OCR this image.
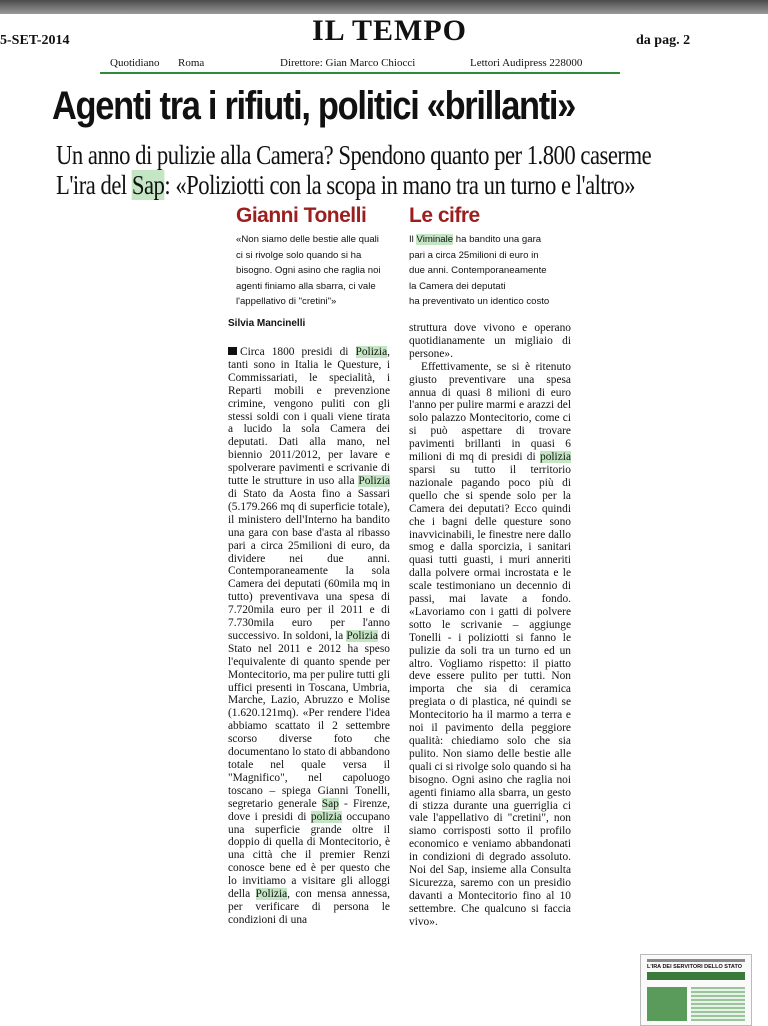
5-SET-2014	IL TEMPO	da pag. 2
Quotidiano Roma	Direttore: Gian Marco Chiocci	Lettori Audipress 228000
Agenti tra i rifiuti, politici «brillanti»
Un anno di pulizie alla Camera? Spendono quanto per 1.800 caserme
L'ira del Sap: «Poliziotti con la scopa in mano tra un turno e l'altro»
Gianni Tonelli
«Non siamo delle bestie alle quali
ci si rivolge solo quando si ha
bisogno. Ogni asino che raglia noi
agenti finiamo alla sbarra, ci vale
l'appellativo di "cretini"»
Le cifre
Il Viminale ha bandito una gara
pari a circa 25milioni di euro in
due anni. Contemporaneamente
la Camera dei deputati
ha preventivato un identico costo
Silvia Mancinelli

Circa 1800 presidi di Polizia, tanti sono in Italia le Questure, i Commissariati, le specialità, i Reparti mobili e prevenzione crimine, vengono puliti con gli stessi soldi con i quali viene tirata a lucido la sola Camera dei deputati. Dati alla mano, nel biennio 2011/2012, per lavare e spolverare pavimenti e scrivanie di tutte le strutture in uso alla Polizia di Stato da Aosta fino a Sassari (5.179.266 mq di superficie totale), il ministero dell'Interno ha bandito una gara con base d'asta al ribasso pari a circa 25milioni di euro, da dividere nei due anni. Contemporaneamente la sola Camera dei deputati (60mila mq in tutto) preventivava una spesa di 7.720mila euro per il 2011 e di 7.730mila euro per l'anno successivo. In soldoni, la Polizia di Stato nel 2011 e 2012 ha speso l'equivalente di quanto spende per Montecitorio, ma per pulire tutti gli uffici presenti in Toscana, Umbria, Marche, Lazio, Abruzzo e Molise (1.620.121mq). «Per rendere l'idea abbiamo scattato il 2 settembre scorso diverse foto che documentano lo stato di abbandono totale nel quale versa il "Magnifico", nel capoluogo toscano – spiega Gianni Tonelli, segretario generale Sap - Firenze, dove i presidi di polizia occupano una superficie grande oltre il doppio di quella di Montecitorio, è una città che il premier Renzi conosce bene ed è per questo che lo invitiamo a visitare gli alloggi della Polizia, con mensa annessa, per verificare di persona le condizioni di una

struttura dove vivono e operano quotidianamente un migliaio di persone».

Effettivamente, se si è ritenuto giusto preventivare una spesa annua di quasi 8 milioni di euro l'anno per pulire marmi e arazzi del solo palazzo Montecitorio, come ci si può aspettare di trovare pavimenti brillanti in quasi 6 milioni di mq di presidi di polizia sparsi su tutto il territorio nazionale pagando poco più di quello che si spende solo per la Camera dei deputati? Ecco quindi che i bagni delle questure sono inavvicinabili, le finestre nere dallo smog e dalla sporcizia, i sanitari quasi tutti guasti, i muri anneriti dalla polvere ormai incrostata e le scale testimoniano un decennio di passi, mai lavate a fondo. «Lavoriamo con i gatti di polvere sotto le scrivanie – aggiunge Tonelli - i poliziotti si fanno le pulizie da soli tra un turno ed un altro. Vogliamo rispetto: il piatto deve essere pulito per tutti. Non importa che sia di ceramica pregiata o di plastica, né quindi se Montecitorio ha il marmo a terra e noi il pavimento della peggiore qualità: chiediamo solo che sia pulito. Non siamo delle bestie alle quali ci si rivolge solo quando si ha bisogno. Ogni asino che raglia noi agenti finiamo alla sbarra, un gesto di stizza durante una guerriglia ci vale l'appellativo di "cretini", non siamo corrisposti sotto il profilo economico e veniamo abbandonati in condizioni di degrado assoluto. Noi del Sap, insieme alla Consulta Sicurezza, saremo con un presidio davanti a Montecitorio fino al 10 settembre. Che qualcuno si faccia vivo».

L'IRA DEI SERVITORI DELLO STATO
